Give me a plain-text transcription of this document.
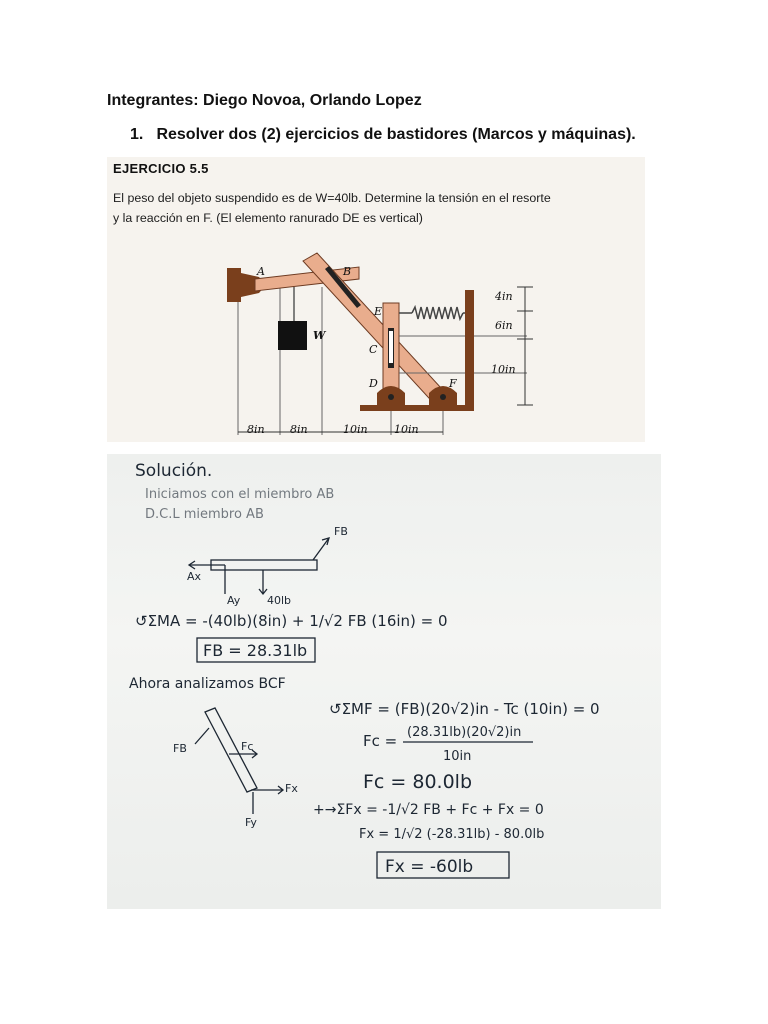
Integrantes: Diego Novoa, Orlando Lopez
1. Resolver dos (2) ejercicios de bastidores (Marcos y máquinas).
EJERCICIO 5.5
El peso del objeto suspendido es de W=40lb. Determine la tensión en el resorte
y la reacción en F. (El elemento ranurado DE es vertical)
A	B
C
D
E
F
W
4in
6in
10in
8in 8in	10in 10in
Solución.
Iniciamos con el miembro AB
D.C.L miembro AB
FB
Ax
Ay 40lb
↺ΣMA = -(40lb)(8in) + 1/√2 FB (16in) = 0
FB = 28.31lb
Ahora analizamos BCF
↺ΣMF = (FB)(20√2)in - Tc (10in) = 0
FB	Fc
Fx
Fy
(28.31lb)(20√2)in
Fc =
10in
Fc = 80.0lb
+→ΣFx = -1/√2 FB + Fc + Fx = 0
Fx = 1/√2 (-28.31lb) - 80.0lb
Fx = -60lb
